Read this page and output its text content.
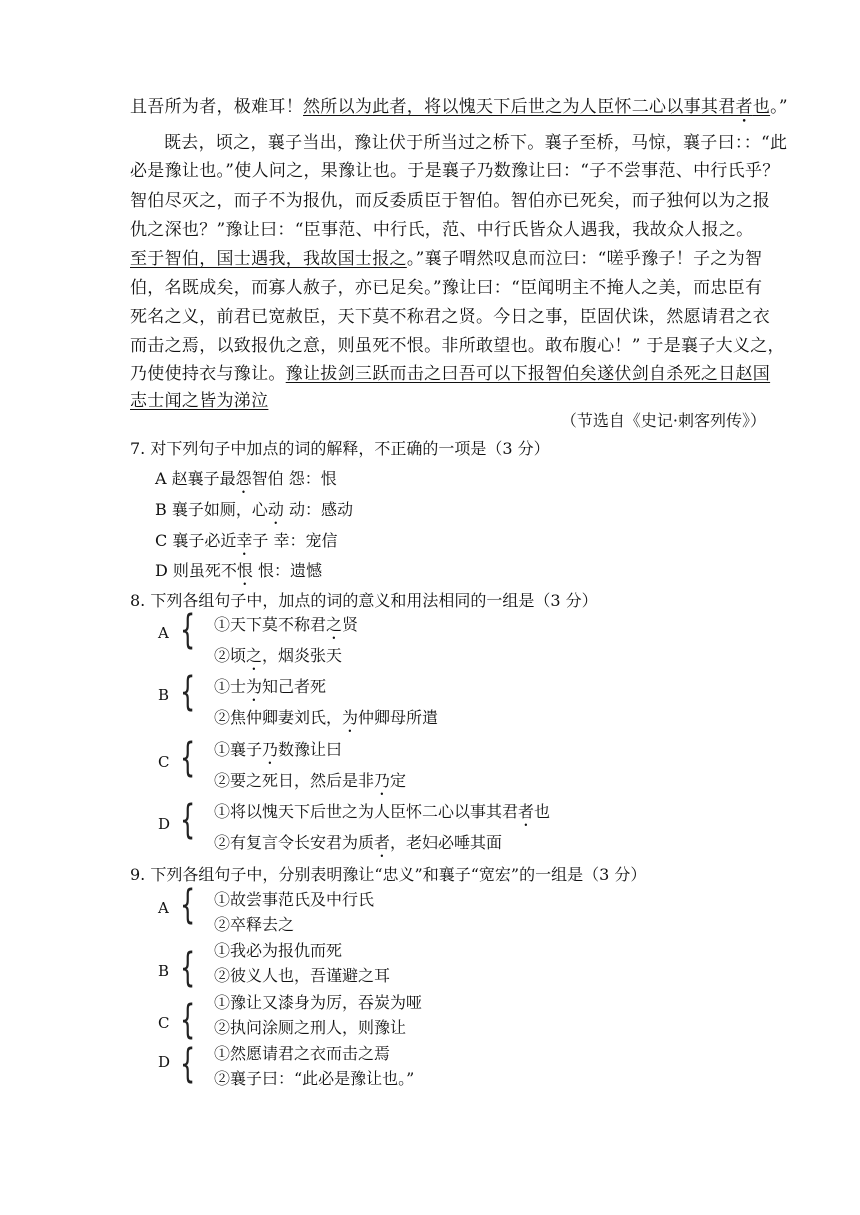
且吾所为者，极难耳！然所以为此者，将以愧天下后世之为人臣怀二心以事其君者也。”
既去，顷之，襄子当出，豫让伏于所当过之桥下。襄子至桥，马惊，襄子曰：：“此
必是豫让也。”使人问之，果豫让也。于是襄子乃数豫让曰：“子不尝事范、中行氏乎？
智伯尽灭之，而子不为报仇，而反委质臣于智伯。智伯亦已死矣，而子独何以为之报
仇之深也？”豫让曰：“臣事范、中行氏，范、中行氏皆众人遇我，我故众人报之。
至于智伯，国士遇我，我故国士报之。”襄子喟然叹息而泣曰：“嗟乎豫子！子之为智
伯，名既成矣，而寡人赦子，亦已足矣。”豫让曰：“臣闻明主不掩人之美，而忠臣有
死名之义，前君已宽赦臣，天下莫不称君之贤。今日之事，臣固伏诛，然愿请君之衣
而击之焉，以致报仇之意，则虽死不恨。非所敢望也。敢布腹心！” 于是襄子大义之，
乃使使持衣与豫让。豫让拔剑三跃而击之曰吾可以下报智伯矣遂伏剑自杀死之日赵国
志士闻之皆为涕泣
（节选自《史记·刺客列传》）
7. 对下列句子中加点的词的解释，不正确的一项是（3 分）
A 赵襄子最怨智伯 怨：恨
B 襄子如厕，心动 动：感动
C 襄子必近幸子 幸：宠信
D 则虽死不恨 恨：遗憾
8. 下列各组句子中，加点的词的意义和用法相同的一组是（3 分）
A { ①天下莫不称君之贤
②顷之，烟炎张天
B { ①士为知己者死
②焦仲卿妻刘氏，为仲卿母所遣
C { ①襄子乃数豫让曰
②要之死日，然后是非乃定
D { ①将以愧天下后世之为人臣怀二心以事其君者也
②有复言令长安君为质者，老妇必唾其面
9. 下列各组句子中，分别表明豫让“忠义”和襄子“宽宏”的一组是（3 分）
A { ①故尝事范氏及中行氏
②卒释去之
B { ①我必为报仇而死
②彼义人也，吾谨避之耳
C { ①豫让又漆身为厉，吞炭为哑
②执问涂厕之刑人，则豫让
D { ①然愿请君之衣而击之焉
②襄子曰：“此必是豫让也。”
